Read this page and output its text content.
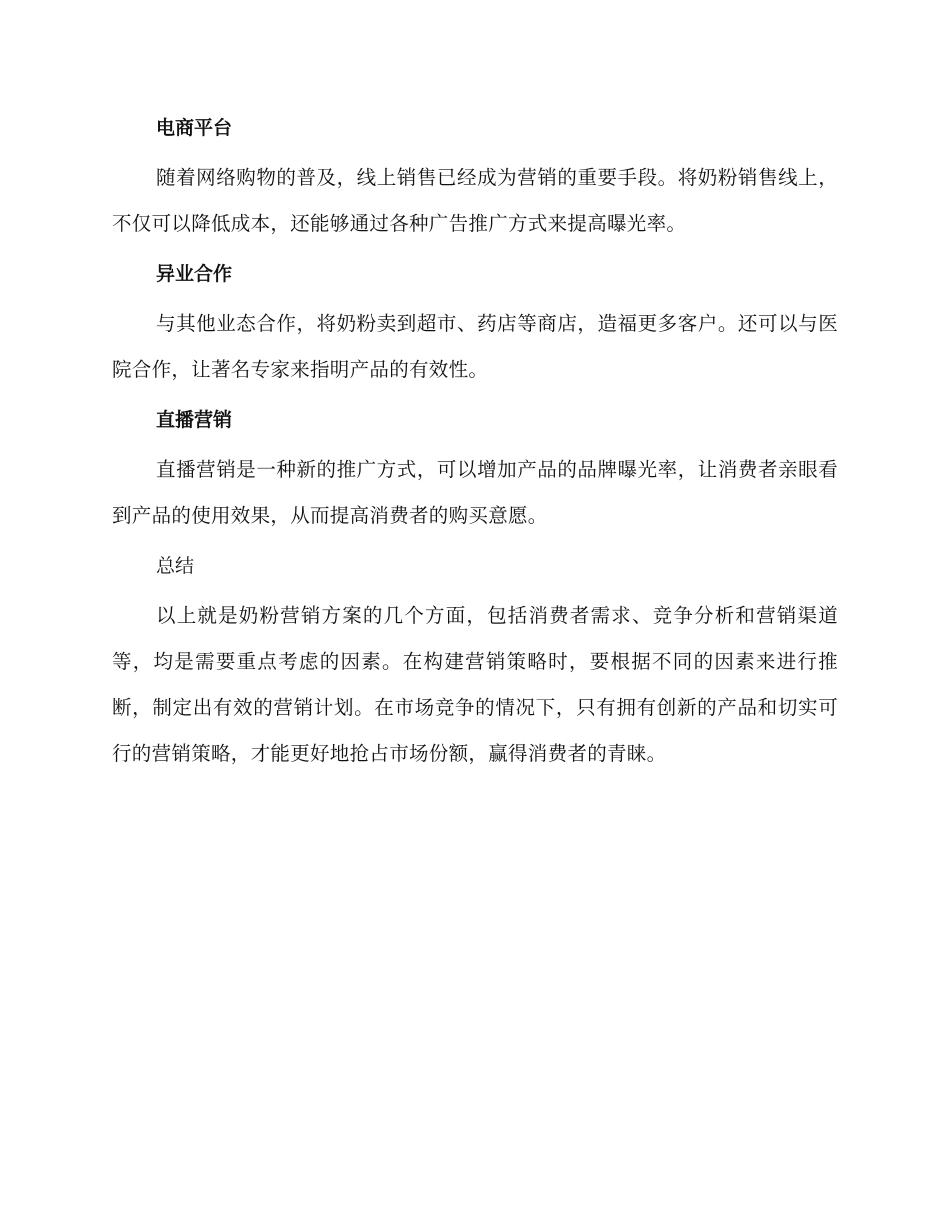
电商平台

随着网络购物的普及，线上销售已经成为营销的重要手段。将奶粉销售线上，不仅可以降低成本，还能够通过各种广告推广方式来提高曝光率。

异业合作

与其他业态合作，将奶粉卖到超市、药店等商店，造福更多客户。还可以与医院合作，让著名专家来指明产品的有效性。

直播营销

直播营销是一种新的推广方式，可以增加产品的品牌曝光率，让消费者亲眼看到产品的使用效果，从而提高消费者的购买意愿。

总结

以上就是奶粉营销方案的几个方面，包括消费者需求、竞争分析和营销渠道等，均是需要重点考虑的因素。在构建营销策略时，要根据不同的因素来进行推断，制定出有效的营销计划。在市场竞争的情况下，只有拥有创新的产品和切实可行的营销策略，才能更好地抢占市场份额，赢得消费者的青睐。
